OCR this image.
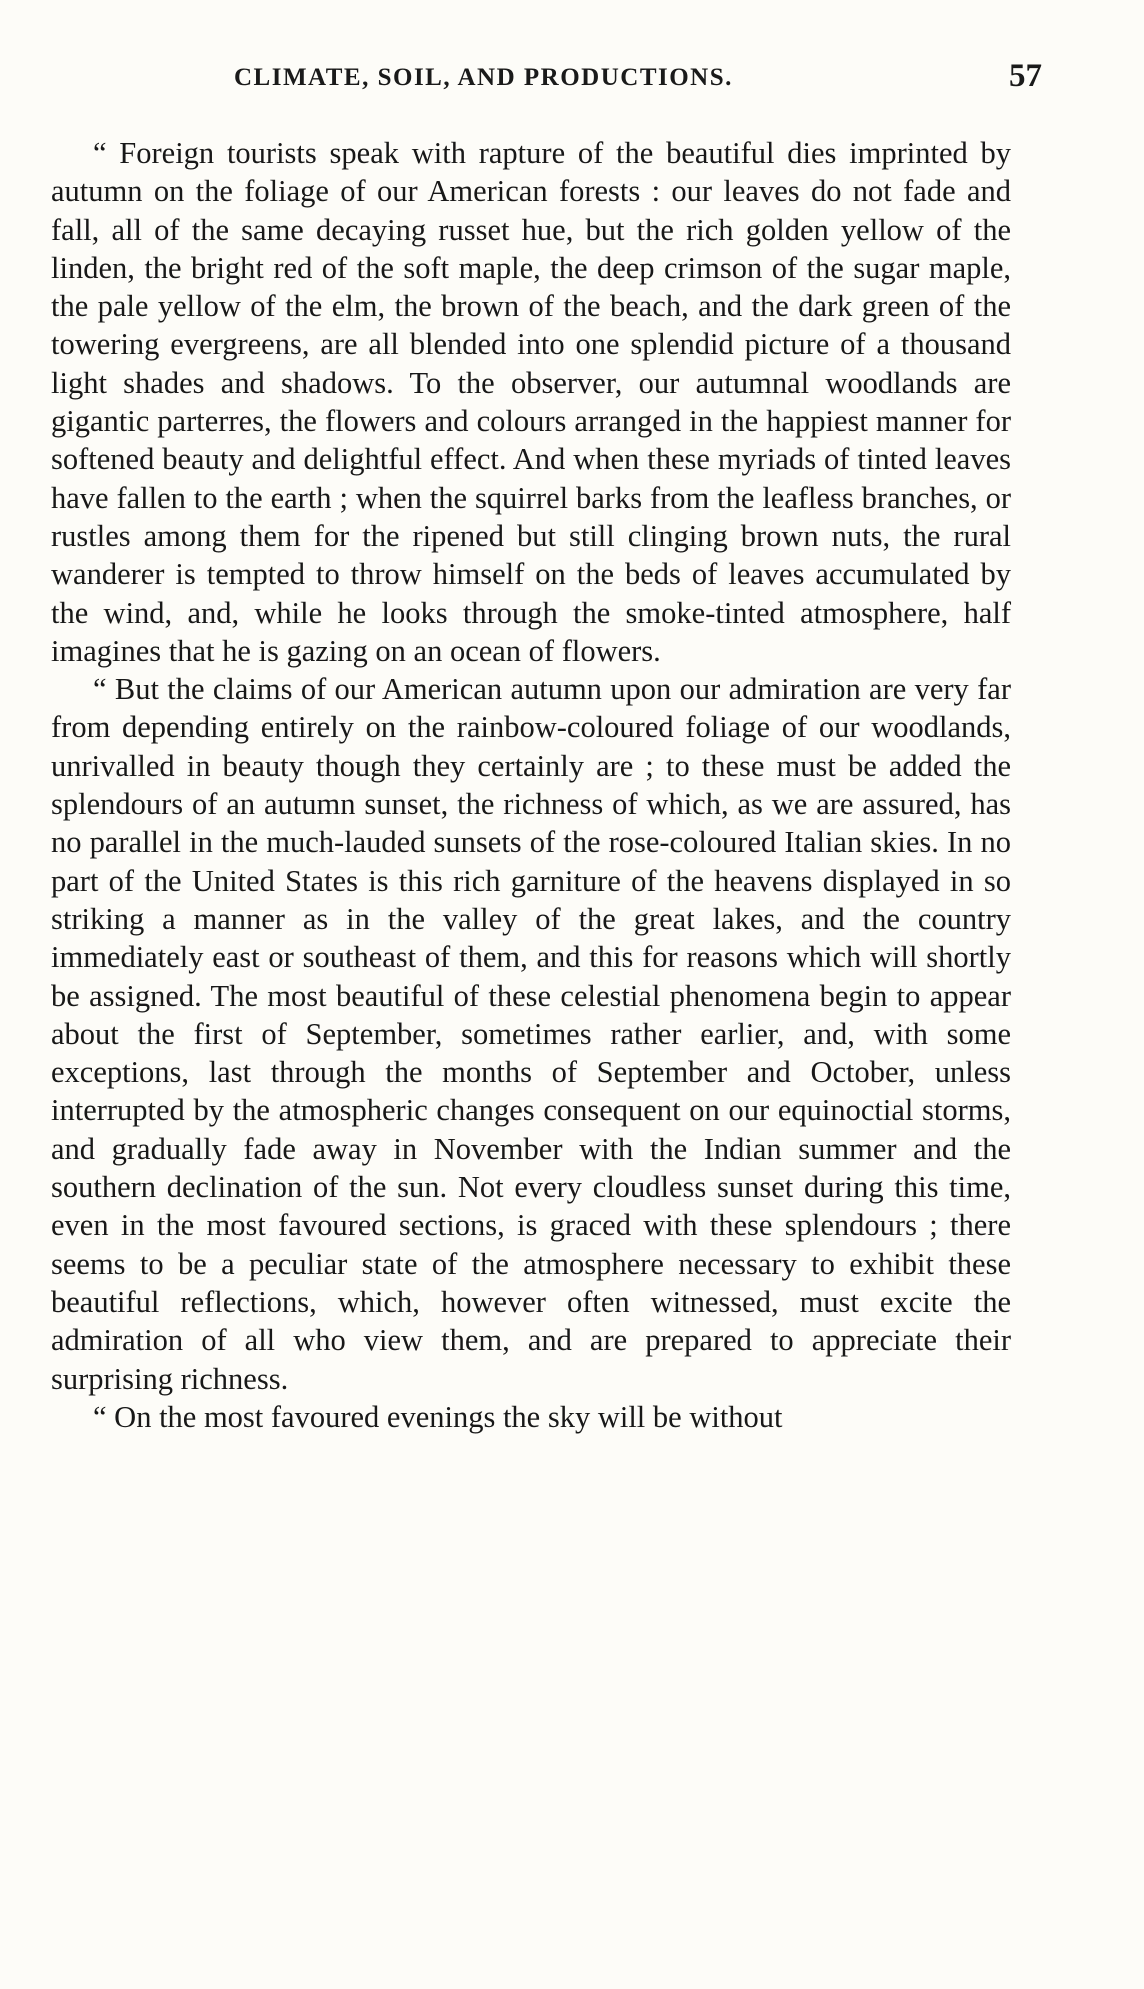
CLIMATE, SOIL, AND PRODUCTIONS.	57

“ Foreign tourists speak with rapture of the beautiful dies imprinted by autumn on the foliage of our American forests : our leaves do not fade and fall, all of the same decaying russet hue, but the rich golden yellow of the linden, the bright red of the soft maple, the deep crimson of the sugar maple, the pale yellow of the elm, the brown of the beach, and the dark green of the towering evergreens, are all blended into one splendid picture of a thousand light shades and shadows. To the observer, our autumnal woodlands are gigantic parterres, the flowers and colours arranged in the happiest manner for softened beauty and delightful effect. And when these myriads of tinted leaves have fallen to the earth ; when the squirrel barks from the leafless branches, or rustles among them for the ripened but still clinging brown nuts, the rural wanderer is tempted to throw himself on the beds of leaves accumulated by the wind, and, while he looks through the smoke-tinted atmosphere, half imagines that he is gazing on an ocean of flowers.

“ But the claims of our American autumn upon our admiration are very far from depending entirely on the rainbow-coloured foliage of our woodlands, unrivalled in beauty though they certainly are ; to these must be added the splendours of an autumn sunset, the richness of which, as we are assured, has no parallel in the much-lauded sunsets of the rose-coloured Italian skies. In no part of the United States is this rich garniture of the heavens displayed in so striking a manner as in the valley of the great lakes, and the country immediately east or southeast of them, and this for reasons which will shortly be assigned. The most beautiful of these celestial phenomena begin to appear about the first of September, sometimes rather earlier, and, with some exceptions, last through the months of September and October, unless interrupted by the atmospheric changes consequent on our equinoctial storms, and gradually fade away in November with the Indian summer and the southern declination of the sun. Not every cloudless sunset during this time, even in the most favoured sections, is graced with these splendours ; there seems to be a peculiar state of the atmosphere necessary to exhibit these beautiful reflections, which, however often witnessed, must excite the admiration of all who view them, and are prepared to appreciate their surprising richness.

“ On the most favoured evenings the sky will be without
